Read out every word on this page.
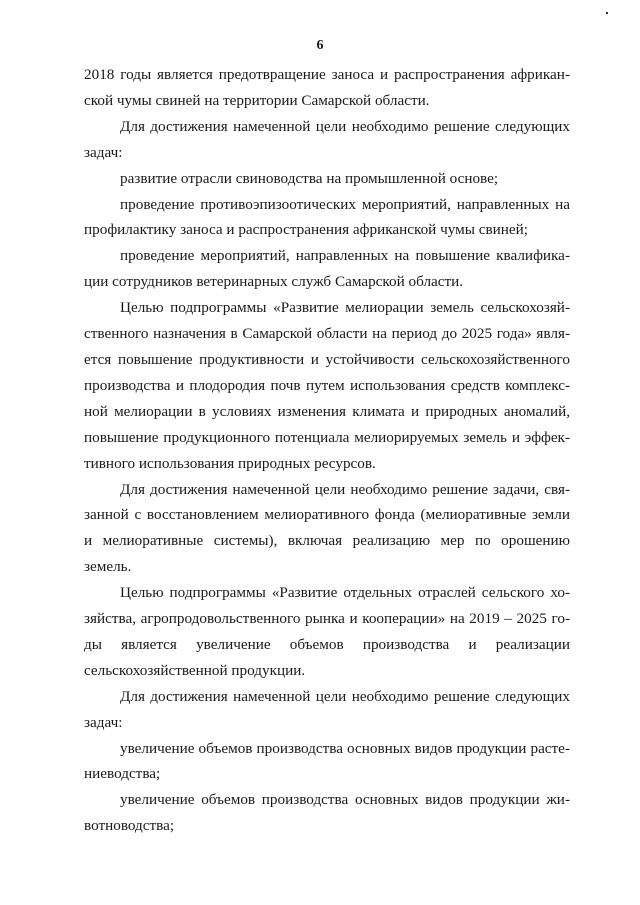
6

2018 годы является предотвращение заноса и распространения африканской чумы свиней на территории Самарской области.

Для достижения намеченной цели необходимо решение следующих задач:

развитие отрасли свиноводства на промышленной основе;

проведение противоэпизоотических мероприятий, направленных на профилактику заноса и распространения африканской чумы свиней;

проведение мероприятий, направленных на повышение квалификации сотрудников ветеринарных служб Самарской области.

Целью подпрограммы «Развитие мелиорации земель сельскохозяйственного назначения в Самарской области на период до 2025 года» является повышение продуктивности и устойчивости сельскохозяйственного производства и плодородия почв путем использования средств комплексной мелиорации в условиях изменения климата и природных аномалий, повышение продукционного потенциала мелиорируемых земель и эффективного использования природных ресурсов.

Для достижения намеченной цели необходимо решение задачи, связанной с восстановлением мелиоративного фонда (мелиоративные земли и мелиоративные системы), включая реализацию мер по орошению земель.

Целью подпрограммы «Развитие отдельных отраслей сельского хозяйства, агропродовольственного рынка и кооперации» на 2019 – 2025 годы является увеличение объемов производства и реализации сельскохозяйственной продукции.

Для достижения намеченной цели необходимо решение следующих задач:

увеличение объемов производства основных видов продукции растениеводства;

увеличение объемов производства основных видов продукции животноводства;
